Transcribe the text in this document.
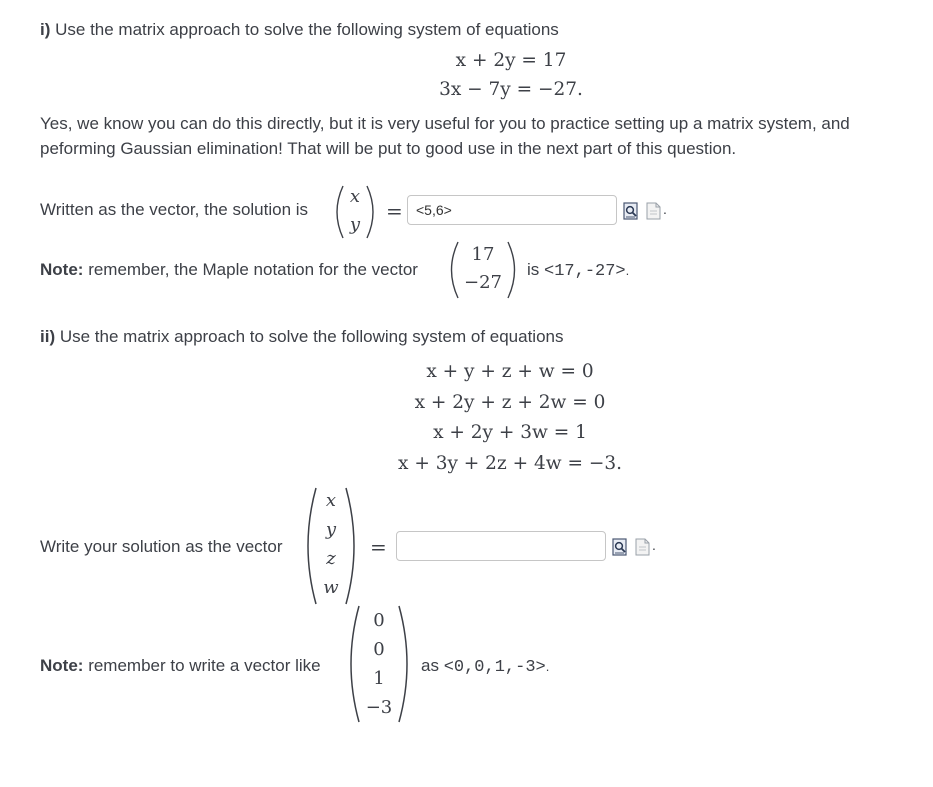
i) Use the matrix approach to solve the following system of equations
x + 2y = 17
3x − 7y = −27.
Yes, we know you can do this directly, but it is very useful for you to practice setting up a matrix system, and
peforming Gaussian elimination! That will be put to good use in the next part of this question.
Written as the vector, the solution is
x
y
= <5,6>	.
Note: remember, the Maple notation for the vector
17
−27
is <17,-27>.
ii) Use the matrix approach to solve the following system of equations
x + y + z + w = 0
x + 2y + z + 2w = 0
x + 2y + 3w = 1
x + 3y + 2z + 4w = −3.
Write your solution as the vector
x
y
z
w
=	.
Note: remember to write a vector like
0
0
1
−3
as <0,0,1,-3>.
